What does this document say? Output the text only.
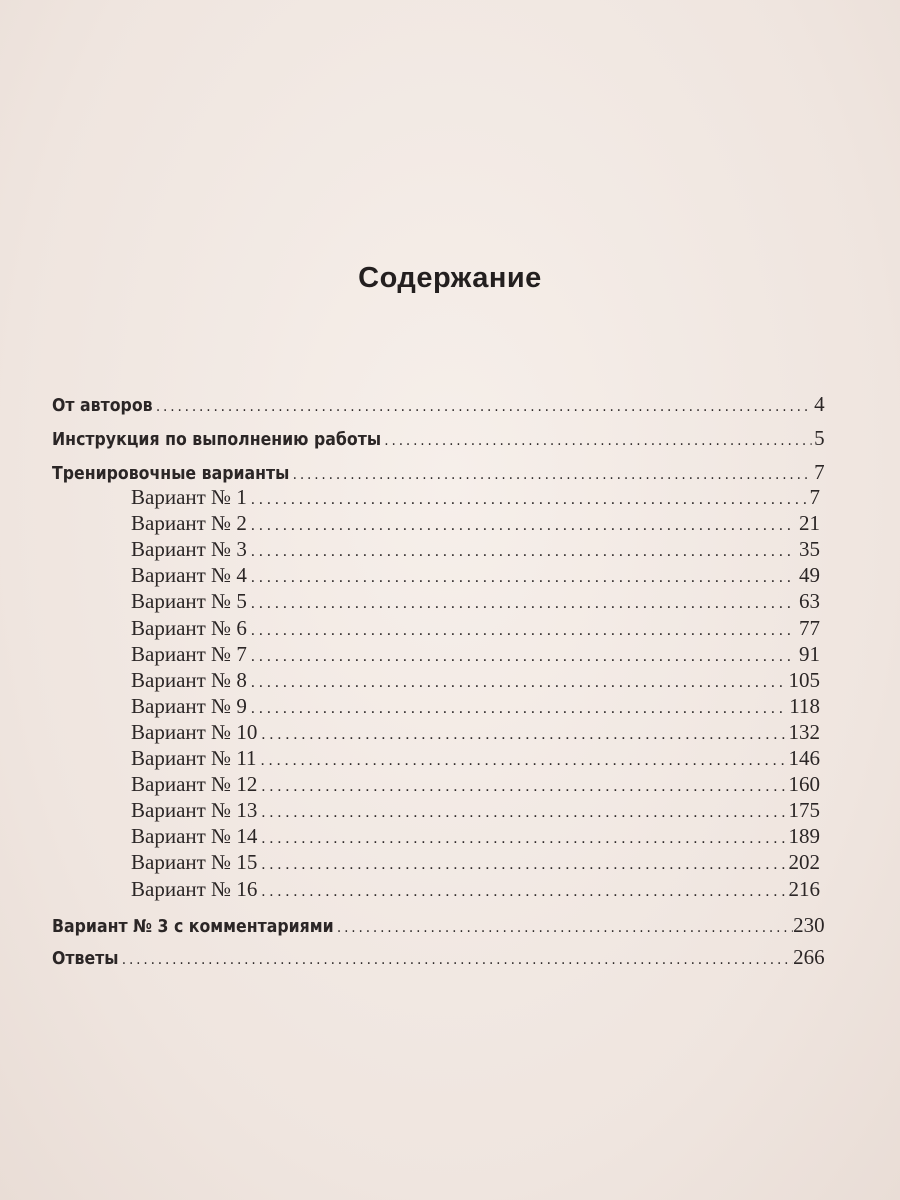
Содержание
От авторов . . .	4
Инструкция по выполнению работы . . .	5
Тренировочные варианты . . .	7
Вариант № 1 . . .	7
Вариант № 2 . . .	21
Вариант № 3 . . .	35
Вариант № 4 . . .	49
Вариант № 5 . . .	63
Вариант № 6 . . .	77
Вариант № 7 . . .	91
Вариант № 8 . . .	105
Вариант № 9 . . .	118
Вариант № 10 . . .	132
Вариант № 11 . . .	146
Вариант № 12 . . .	160
Вариант № 13 . . .	175
Вариант № 14 . . .	189
Вариант № 15 . . .	202
Вариант № 16 . . .	216
Вариант № 3 с комментариями . . .	230
Ответы . . .	266
